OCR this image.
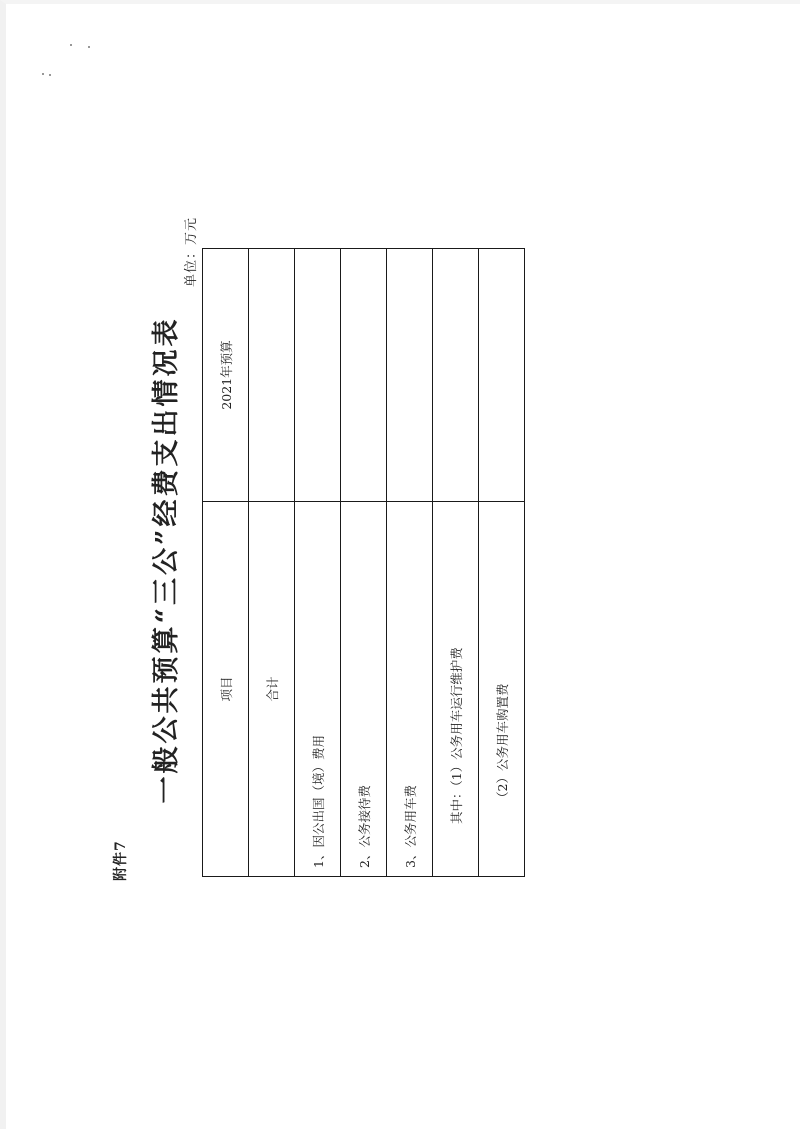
附件7
一般公共预算“三公”经费支出情况表
单位：万元
项目	2021年预算
合计	
1、因公出国（境）费用	
2、公务接待费	
3、公务用车费	
其中：（1）公务用车运行维护费	
（2）公务用车购置费	
